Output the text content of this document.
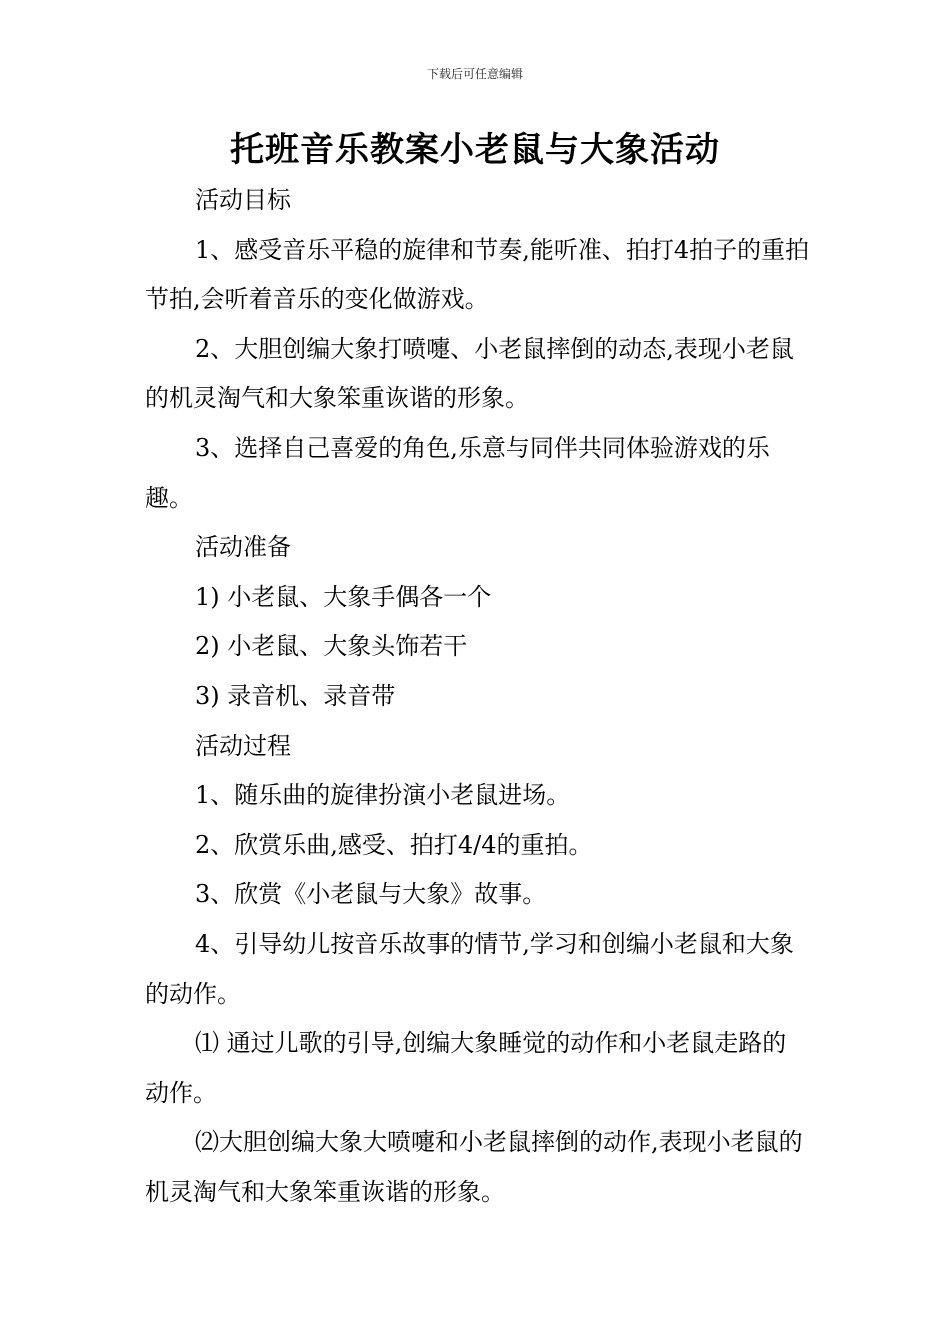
下载后可任意编辑
托班音乐教案小老鼠与大象活动

活动目标

1、感受音乐平稳的旋律和节奏,能听准、拍打4拍子的重拍节拍,会听着音乐的变化做游戏。

2、大胆创编大象打喷嚏、小老鼠摔倒的动态,表现小老鼠的机灵淘气和大象笨重诙谐的形象。

3、选择自己喜爱的角色,乐意与同伴共同体验游戏的乐趣。

活动准备

1) 小老鼠、大象手偶各一个

2) 小老鼠、大象头饰若干

3) 录音机、录音带

活动过程

1、随乐曲的旋律扮演小老鼠进场。

2、欣赏乐曲,感受、拍打4/4的重拍。

3、欣赏《小老鼠与大象》故事。

4、引导幼儿按音乐故事的情节,学习和创编小老鼠和大象的动作。

⑴ 通过儿歌的引导,创编大象睡觉的动作和小老鼠走路的动作。

⑵大胆创编大象大喷嚏和小老鼠摔倒的动作,表现小老鼠的机灵淘气和大象笨重诙谐的形象。
